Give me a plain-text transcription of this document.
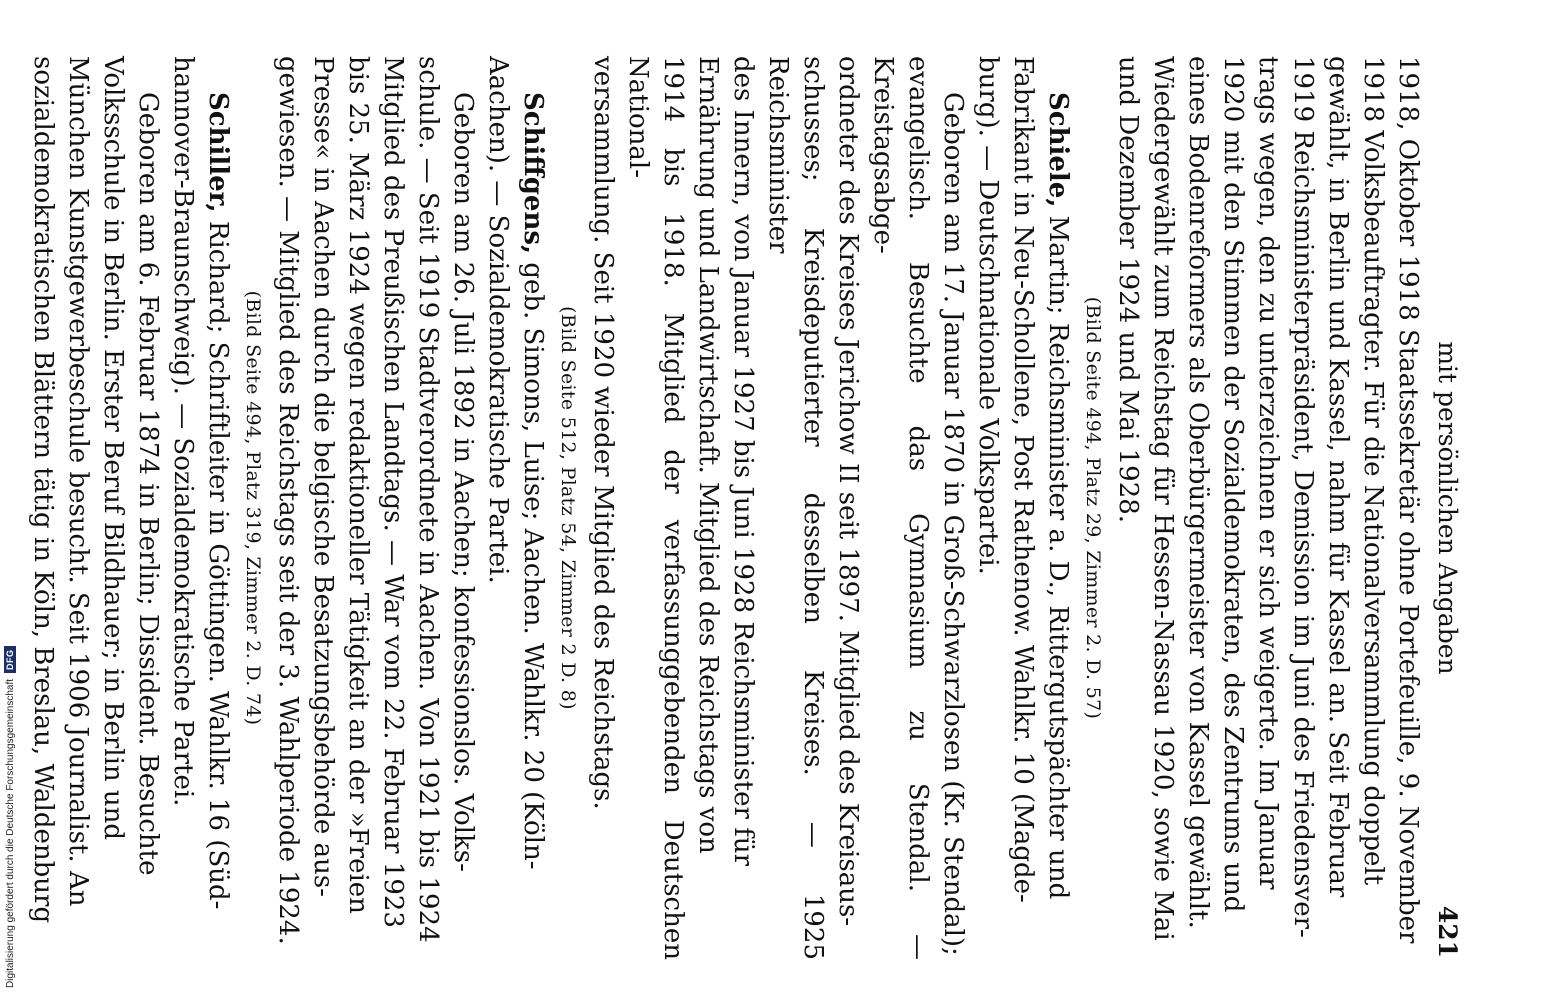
Digitalisierung gefördert durch die Deutsche Forschungsgemeinschaft
DFG	mit persönlichen Angaben
421

1918, Oktober 1918 Staatssekretär ohne Portefeuille, 9. November

1918 Volksbeauftragter. Für die Nationalversammlung doppelt

gewählt, in Berlin und Kassel, nahm für Kassel an. Seit Februar

1919 Reichsministerpräsident, Demission im Juni des Friedensver-

trags wegen, den zu unterzeichnen er sich weigerte. Im Januar

1920 mit den Stimmen der Sozialdemokraten, des Zentrums und

eines Bodenreformers als Oberbürgermeister von Kassel gewählt.

Wiedergewählt zum Reichstag für Hessen-Nassau 1920, sowie Mai

und Dezember 1924 und Mai 1928.

(Bild Seite 494, Platz 29, Zimmer 2. D. 57)

Schiele, Martin; Reichsminister a. D., Rittergutspächter und

Fabrikant in Neu-Schollene, Post Rathenow. Wahlkr. 10 (Magde-

burg). — Deutschnationale Volkspartei.

Geboren am 17. Januar 1870 in Groß-Schwarzlosen (Kr. Stendal);

evangelisch. Besuchte das Gymnasium zu Stendal. — Kreistagsabge-

ordneter des Kreises Jerichow II seit 1897. Mitglied des Kreisaus-

schusses; Kreisdeputierter desselben Kreises. — 1925 Reichsminister

des Innern, von Januar 1927 bis Juni 1928 Reichsminister für

Ernährung und Landwirtschaft. Mitglied des Reichstags von

1914 bis 1918. Mitglied der verfassunggebenden Deutschen National-

versammlung. Seit 1920 wieder Mitglied des Reichstags.

(Bild Seite 512, Platz 54, Zimmer 2 D. 8)

Schiffgens, geb. Simons, Luise; Aachen. Wahlkr. 20 (Köln-

Aachen). — Sozialdemokratische Partei.

Geboren am 26. Juli 1892 in Aachen; konfessionslos. Volks-

schule. — Seit 1919 Stadtverordnete in Aachen. Von 1921 bis 1924

Mitglied des Preußischen Landtags. — War vom 22. Februar 1923

bis 25. März 1924 wegen redaktioneller Tätigkeit an der »Freien

Presse« in Aachen durch die belgische Besatzungsbehörde aus-

gewiesen. — Mitglied des Reichstags seit der 3. Wahlperiode 1924.

(Bild Seite 494, Platz 319, Zimmer 2. D. 74)

Schiller, Richard; Schriftleiter in Göttingen. Wahlkr. 16 (Süd-

hannover-Braunschweig). — Sozialdemokratische Partei.

Geboren am 6. Februar 1874 in Berlin; Dissident. Besuchte

Volksschule in Berlin. Erster Beruf Bildhauer; in Berlin und

München Kunstgewerbeschule besucht. Seit 1906 Journalist. An

sozialdemokratischen Blättern tätig in Köln, Breslau, Waldenburg
